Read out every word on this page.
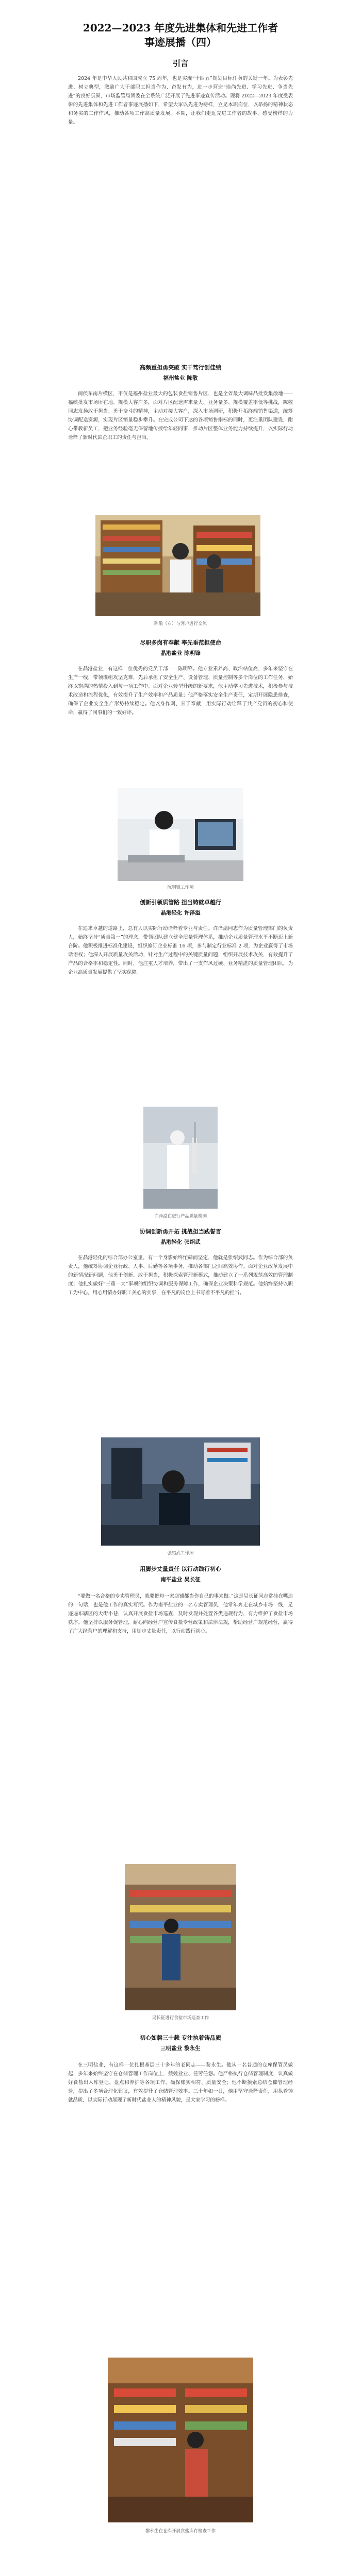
2022—2023 年度先进集体和先进工作者
事迹展播（四）
引言

2024 年是中华人民共和国成立 75 周年，也是实现“十四五”规划目标任务的关键一年。为表彰先进、树立典型，激励广大干部职工担当作为、奋发有为，进一步营造“崇尚先进、学习先进、争当先进”的良好氛围，市场监管局团委在全系统广泛开展了先进事迹宣传活动。现将 2022—2023 年度受表彰的先进集体和先进工作者事迹展播如下，希望大家以先进为榜样，立足本职岗位，以昂扬的精神状态和务实的工作作风，推动各项工作高质量发展。本期，让我们走近先进工作者的故事，感受榜样的力量。

高频重担勇突破 实干笃行创佳绩
福州盐业 陈敬

闽侯东南片横区，不仅是福州盐业最大的包装食盐销售片区，也是全省最大调味品批发集散地——福峡批发市场所在地。规模大客户多，面对片区配送需求量大、业务量多、规模覆盖率低等挑战，陈敬同志发扬敢于担当、勇于奋斗的精神，主动对接大客户，深入市场调研，积极开拓终端销售渠道，统筹协调配送资源，实现片区销量稳步攀升。在完成公司下达的各项销售指标的同时，更注重团队建设，耐心带教新员工，把业务经验毫无保留地传授给年轻同事，推动片区整体业务能力持续提升，以实际行动诠释了新时代国企职工的责任与担当。

陈敬（右）与客户进行交流
尽职多岗有奉献 率先垂范担使命
晶港盐业 陈明锋

在晶港盐业，有这样一位优秀的党员干部——陈明锋。他专业素养高、政治站位高，多年来坚守在生产一线，带领班组攻坚克难，先后承担了安全生产、设备管理、质量控制等多个岗位的工作任务，始终以饱满的热情投入到每一项工作中。面对企业转型升级的新要求，他主动学习先进技术，积极参与技术改造和流程优化，有效提升了生产效率和产品质量；他严格落实安全生产责任，定期开展隐患排查，确保了企业安全生产形势持续稳定。他以身作则、甘于奉献，用实际行动诠释了共产党员的初心和使命，赢得了同事们的一致好评。

陈明锋工作照
创新引领质管路 担当铸就卓越行
晶港轻化 许泽溢

在追求卓越的道路上，总有人以实际行动诠释着专业与责任。许泽溢同志作为质量管理部门的负责人，始终坚持“质量第一”的理念，带领团队建立健全质量管理体系，推动企业质量管理水平不断迈上新台阶。他积极推进标准化建设，组织修订企业标准 16 项，参与制定行业标准 2 项，为企业赢得了市场话语权；他深入开展质量攻关活动，针对生产过程中的关键质量问题，组织开展技术攻关，有效提升了产品的合格率和稳定性。同时，他注重人才培养，带出了一支作风过硬、业务精湛的质量管理团队，为企业高质量发展提供了坚实保障。

许泽溢在进行产品质量检测
协调创新勇开拓 挑战担当践誓言
晶港轻化 张绍武

在晶港轻化的综合部办公室里，有一个身影始终忙碌而坚定，他就是张绍武同志。作为综合部的负责人，他统筹协调企业行政、人事、后勤等各项事务，推动各部门之间高效协作。面对企业改革发展中的新情况新问题，他勇于创新、敢于担当，积极探索管理新模式，推动建立了一系列规范高效的管理制度；他扎实做好“三重一大”事项的组织协调和服务保障工作，确保企业决策科学规范。他始终坚持以职工为中心，用心用情办好职工关心的实事，在平凡的岗位上书写着不平凡的担当。

张绍武工作照
用脚步丈量责任 以行动践行初心
南平盐业 吴长征

“要做一名合格的专卖管理员，就要把每一家店铺都当作自己的事来做。”这是吴长征同志常挂在嘴边的一句话，也是他工作的真实写照。作为南平盐业的一名专卖管理员，他常年奔走在城乡市场一线，足迹遍布辖区的大街小巷，认真开展食盐市场巡查，及时发现并处置各类违规行为，有力维护了食盐市场秩序。他坚持以服务促管理，耐心向经营户宣传食盐专营政策和法律法规，帮助经营户规范经营，赢得了广大经营户的理解和支持，用脚步丈量责任，以行动践行初心。

吴长征进行食盐市场巡查工作
初心如磐三十载 专注执着铸品质
三明盐业 黎永生

在三明盐业，有这样一位扎根基层三十多年的老同志——黎永生。他从一名普通的仓库保管员做起，多年来始终坚守在仓储管理工作岗位上，兢兢业业、任劳任怨。他严格执行仓储管理制度，认真做好食盐出入库登记、盘点和养护等各项工作，确保账实相符、质量安全；他不断摸索总结仓储管理经验，提出了多项合理化建议，有效提升了仓储管理效率。三十年如一日，他用坚守诠释责任，用执着铸就品质，以实际行动展现了新时代盐业人的精神风貌，是大家学习的榜样。

黎永生在仓库开展食盐库存检查工作
